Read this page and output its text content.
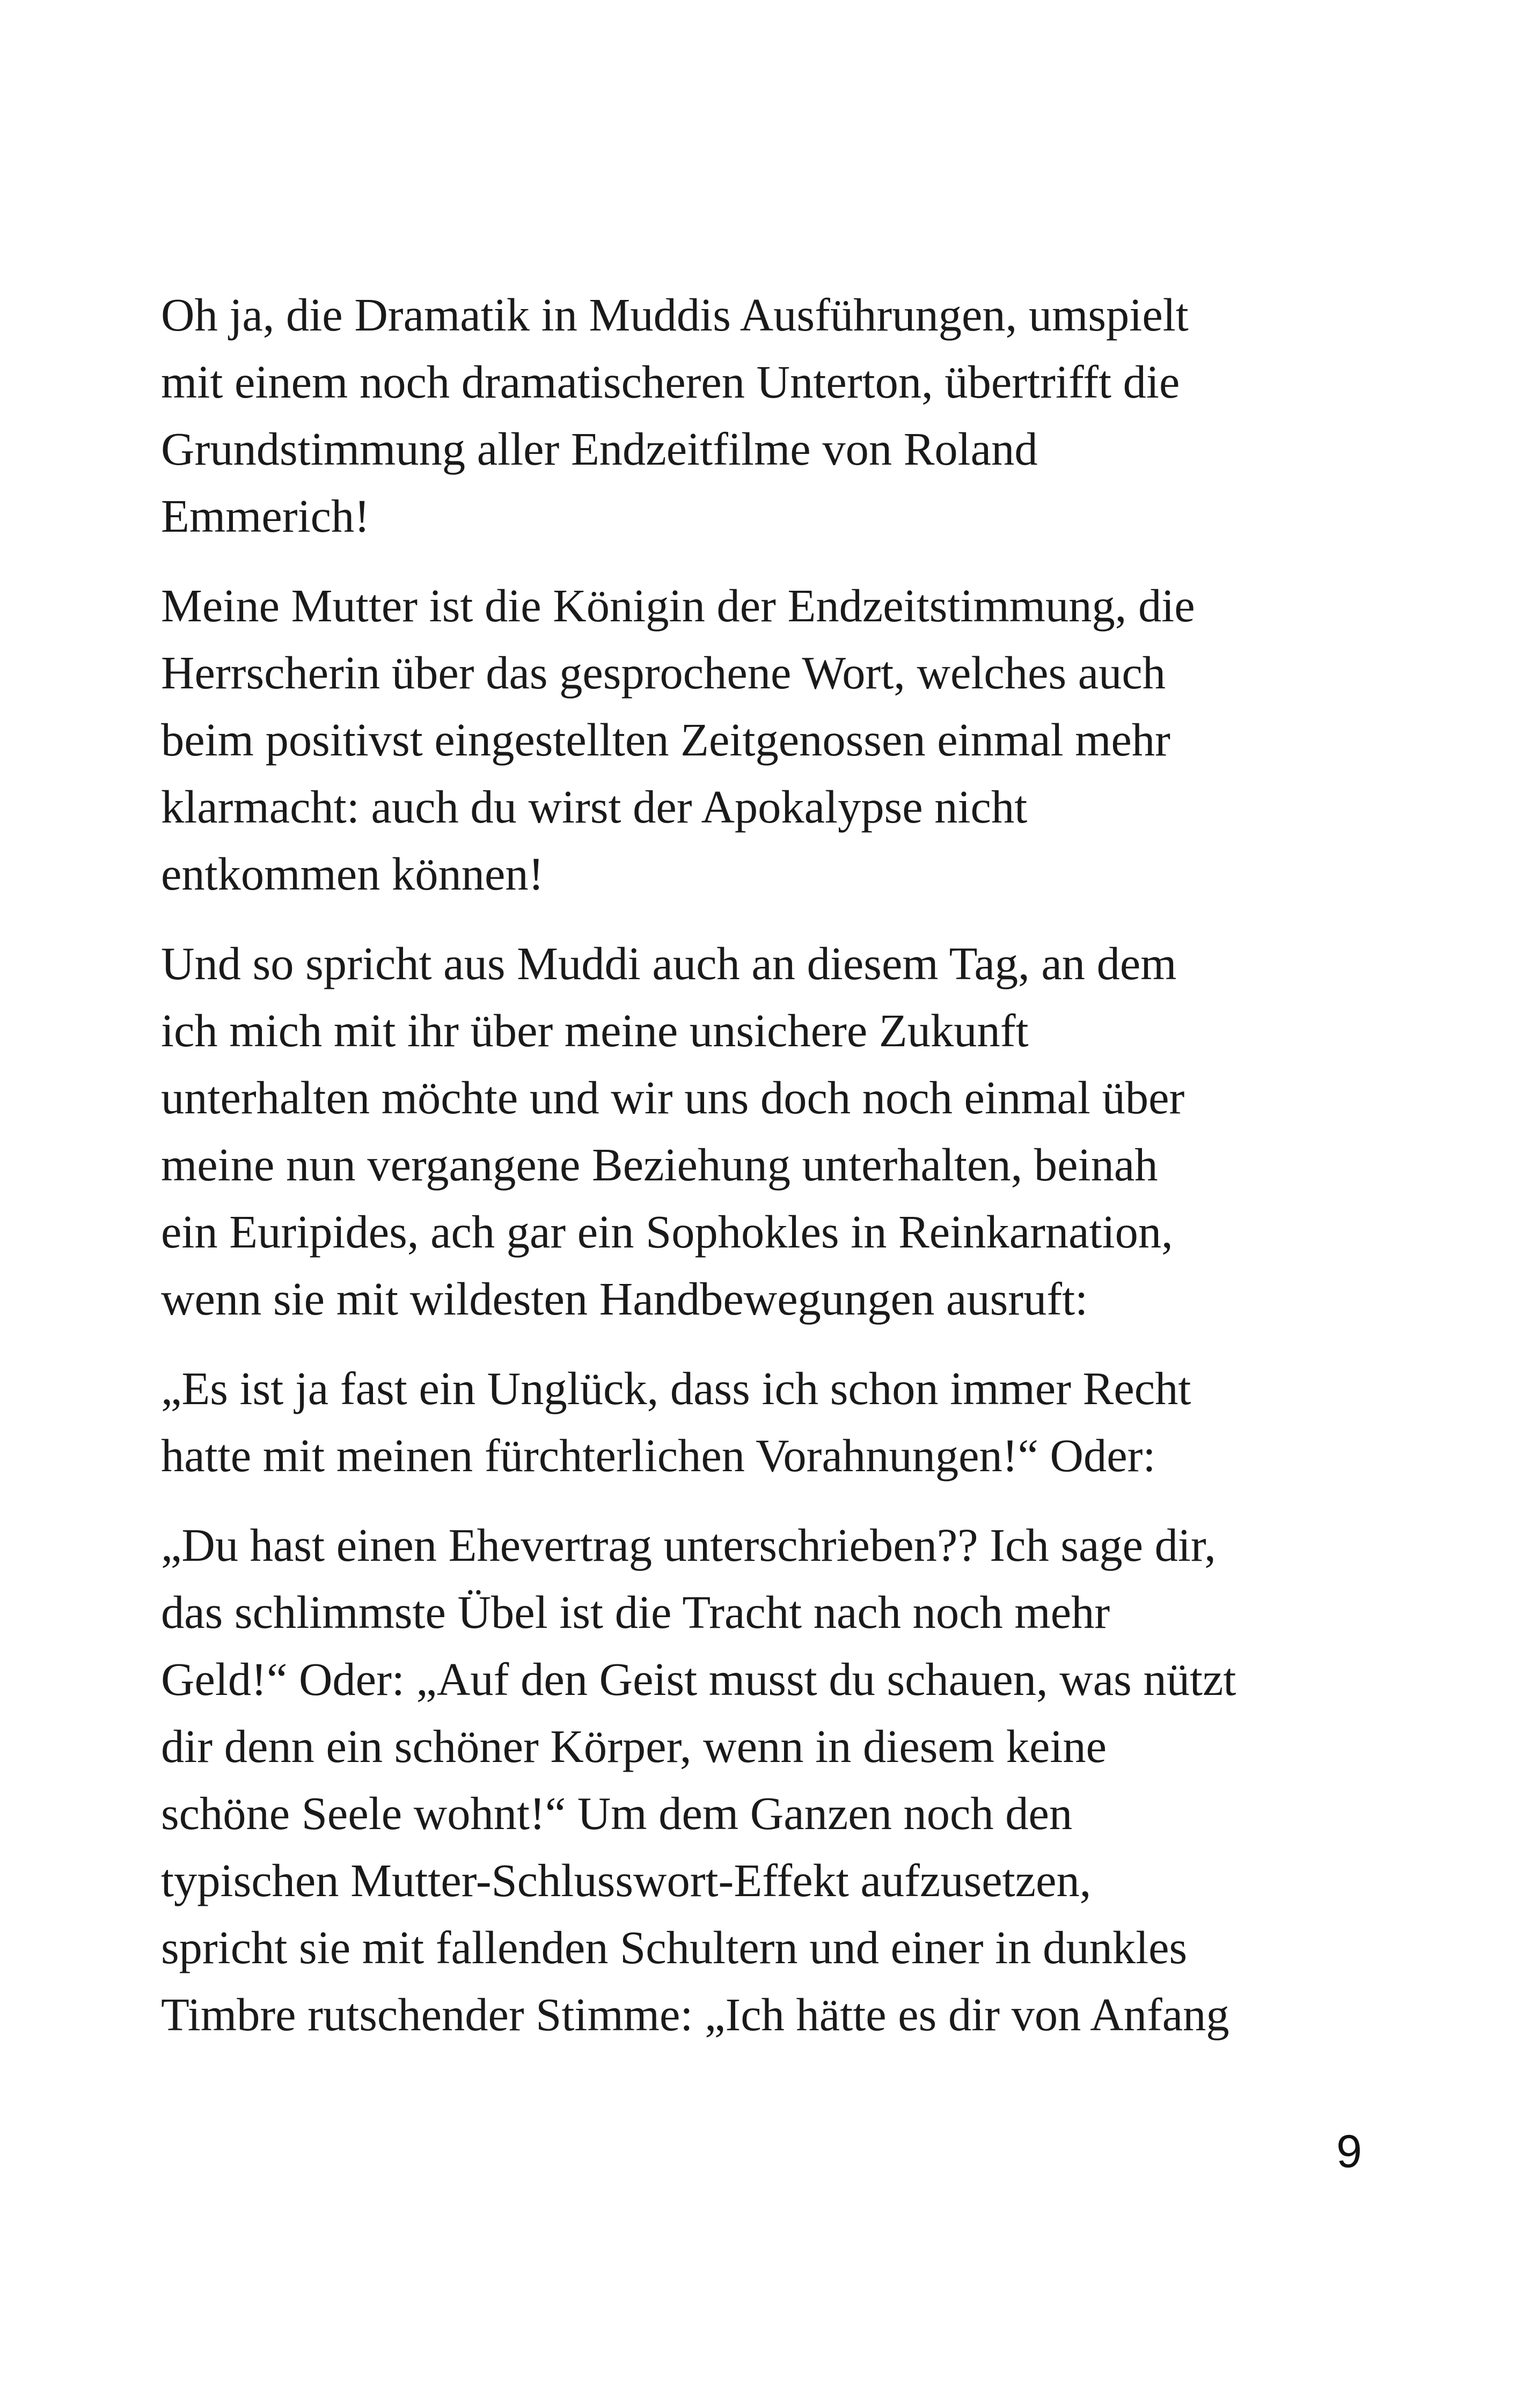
Oh ja, die Dramatik in Muddis Ausführungen, umspielt
mit einem noch dramatischeren Unterton, übertrifft die
Grundstimmung aller Endzeitfilme von Roland
Emmerich!

Meine Mutter ist die Königin der Endzeitstimmung, die
Herrscherin über das gesprochene Wort, welches auch
beim positivst eingestellten Zeitgenossen einmal mehr
klarmacht: auch du wirst der Apokalypse nicht
entkommen können!

Und so spricht aus Muddi auch an diesem Tag, an dem
ich mich mit ihr über meine unsichere Zukunft
unterhalten möchte und wir uns doch noch einmal über
meine nun vergangene Beziehung unterhalten, beinah
ein Euripides, ach gar ein Sophokles in Reinkarnation,
wenn sie mit wildesten Handbewegungen ausruft:

„Es ist ja fast ein Unglück, dass ich schon immer Recht
hatte mit meinen fürchterlichen Vorahnungen!“ Oder:

„Du hast einen Ehevertrag unterschrieben?? Ich sage dir,
das schlimmste Übel ist die Tracht nach noch mehr
Geld!“ Oder: „Auf den Geist musst du schauen, was nützt
dir denn ein schöner Körper, wenn in diesem keine
schöne Seele wohnt!“ Um dem Ganzen noch den
typischen Mutter-Schlusswort-Effekt aufzusetzen,
spricht sie mit fallenden Schultern und einer in dunkles
Timbre rutschender Stimme: „Ich hätte es dir von Anfang

9
